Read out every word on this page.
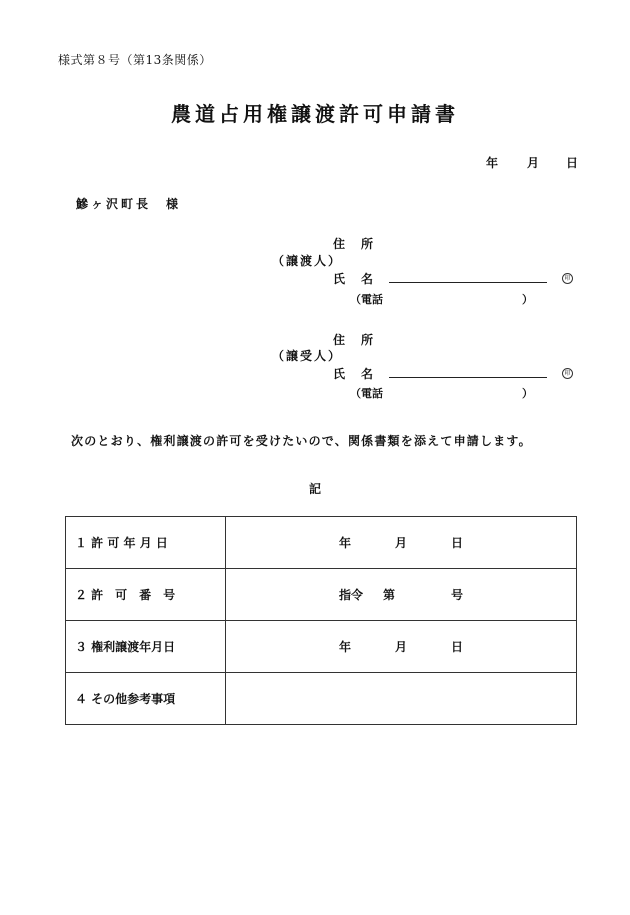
様式第８号（第13条関係）
農道占用権譲渡許可申請書
年 月 日
鰺ヶ沢町長　様
住　所
（譲渡人）
氏　名	印
（電話	）
住　所
（譲受人）
氏　名	印
（電話	）
次のとおり、権利譲渡の許可を受けたいので、関係書類を添えて申請します。
記
１ 許 可 年 月 日	年 月 日
２ 許　可　番　号	指令 第 号
３ 権利譲渡年月日	年 月 日
４ その他参考事項	
